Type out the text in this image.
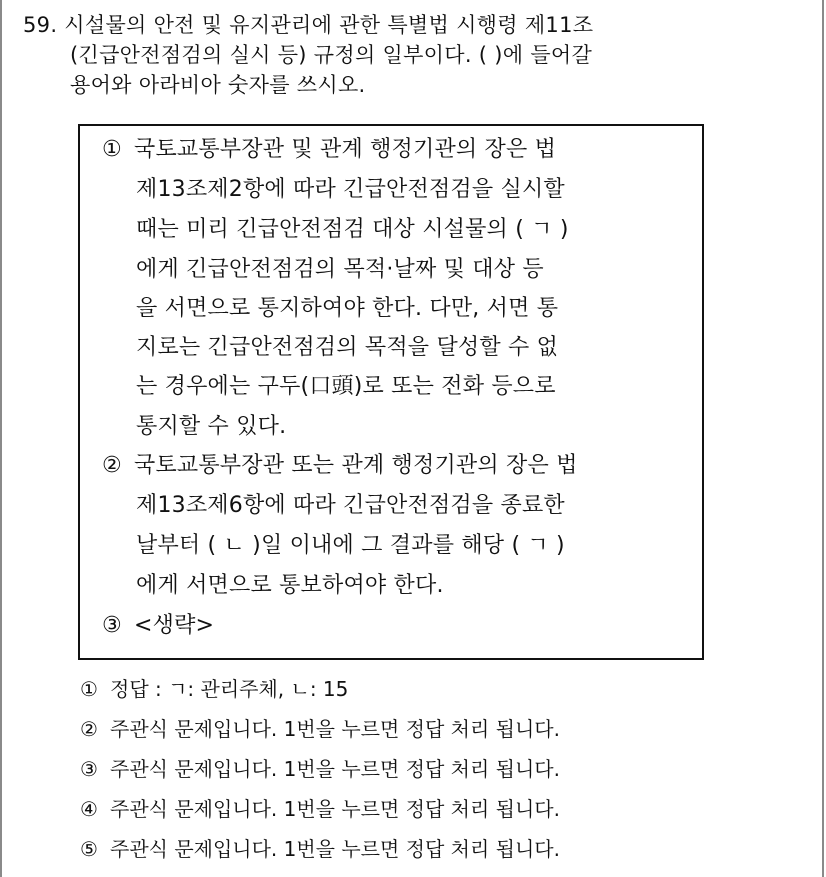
59. 시설물의 안전 및 유지관리에 관한 특별법 시행령 제11조
(긴급안전점검의 실시 등) 규정의 일부이다. ( )에 들어갈
용어와 아라비아 숫자를 쓰시오.
① 국토교통부장관 및 관계 행정기관의 장은 법
제13조제2항에 따라 긴급안전점검을 실시할
때는 미리 긴급안전점검 대상 시설물의 ( ㄱ )
에게 긴급안전점검의 목적·날짜 및 대상 등
을 서면으로 통지하여야 한다. 다만, 서면 통
지로는 긴급안전점검의 목적을 달성할 수 없
는 경우에는 구두(口頭)로 또는 전화 등으로
통지할 수 있다.
② 국토교통부장관 또는 관계 행정기관의 장은 법
제13조제6항에 따라 긴급안전점검을 종료한
날부터 ( ㄴ )일 이내에 그 결과를 해당 ( ㄱ )
에게 서면으로 통보하여야 한다.
③ <생략>
① 정답 : ㄱ: 관리주체, ㄴ: 15
② 주관식 문제입니다. 1번을 누르면 정답 처리 됩니다.
③ 주관식 문제입니다. 1번을 누르면 정답 처리 됩니다.
④ 주관식 문제입니다. 1번을 누르면 정답 처리 됩니다.
⑤ 주관식 문제입니다. 1번을 누르면 정답 처리 됩니다.
